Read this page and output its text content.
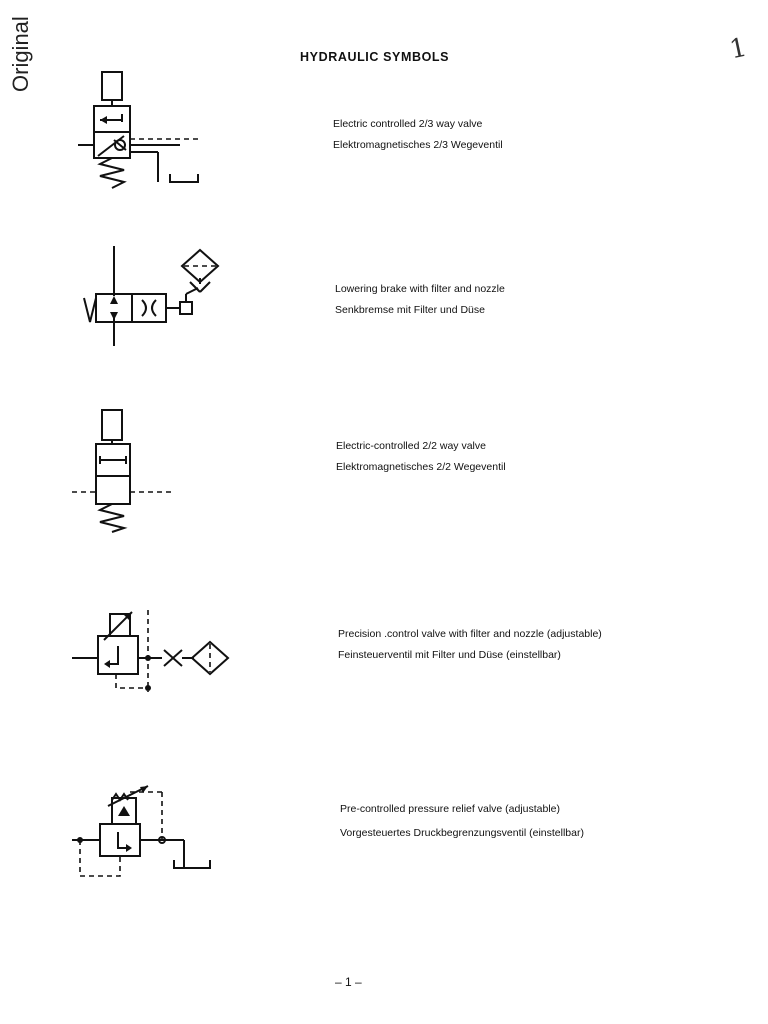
Original	1
HYDRAULIC SYMBOLS
Electric controlled 2/3 way valve
Elektromagnetisches 2/3 Wegeventil
Lowering brake with filter and nozzle
Senkbremse mit Filter und Düse
Electric-controlled 2/2 way valve
Elektromagnetisches 2/2 Wegeventil
Precision .control valve with filter and nozzle (adjustable)
Feinsteuerventil mit Filter und Düse (einstellbar)
Pre-controlled pressure relief valve (adjustable)
Vorgesteuertes Druckbegrenzungsventil (einstellbar)
– 1 –
